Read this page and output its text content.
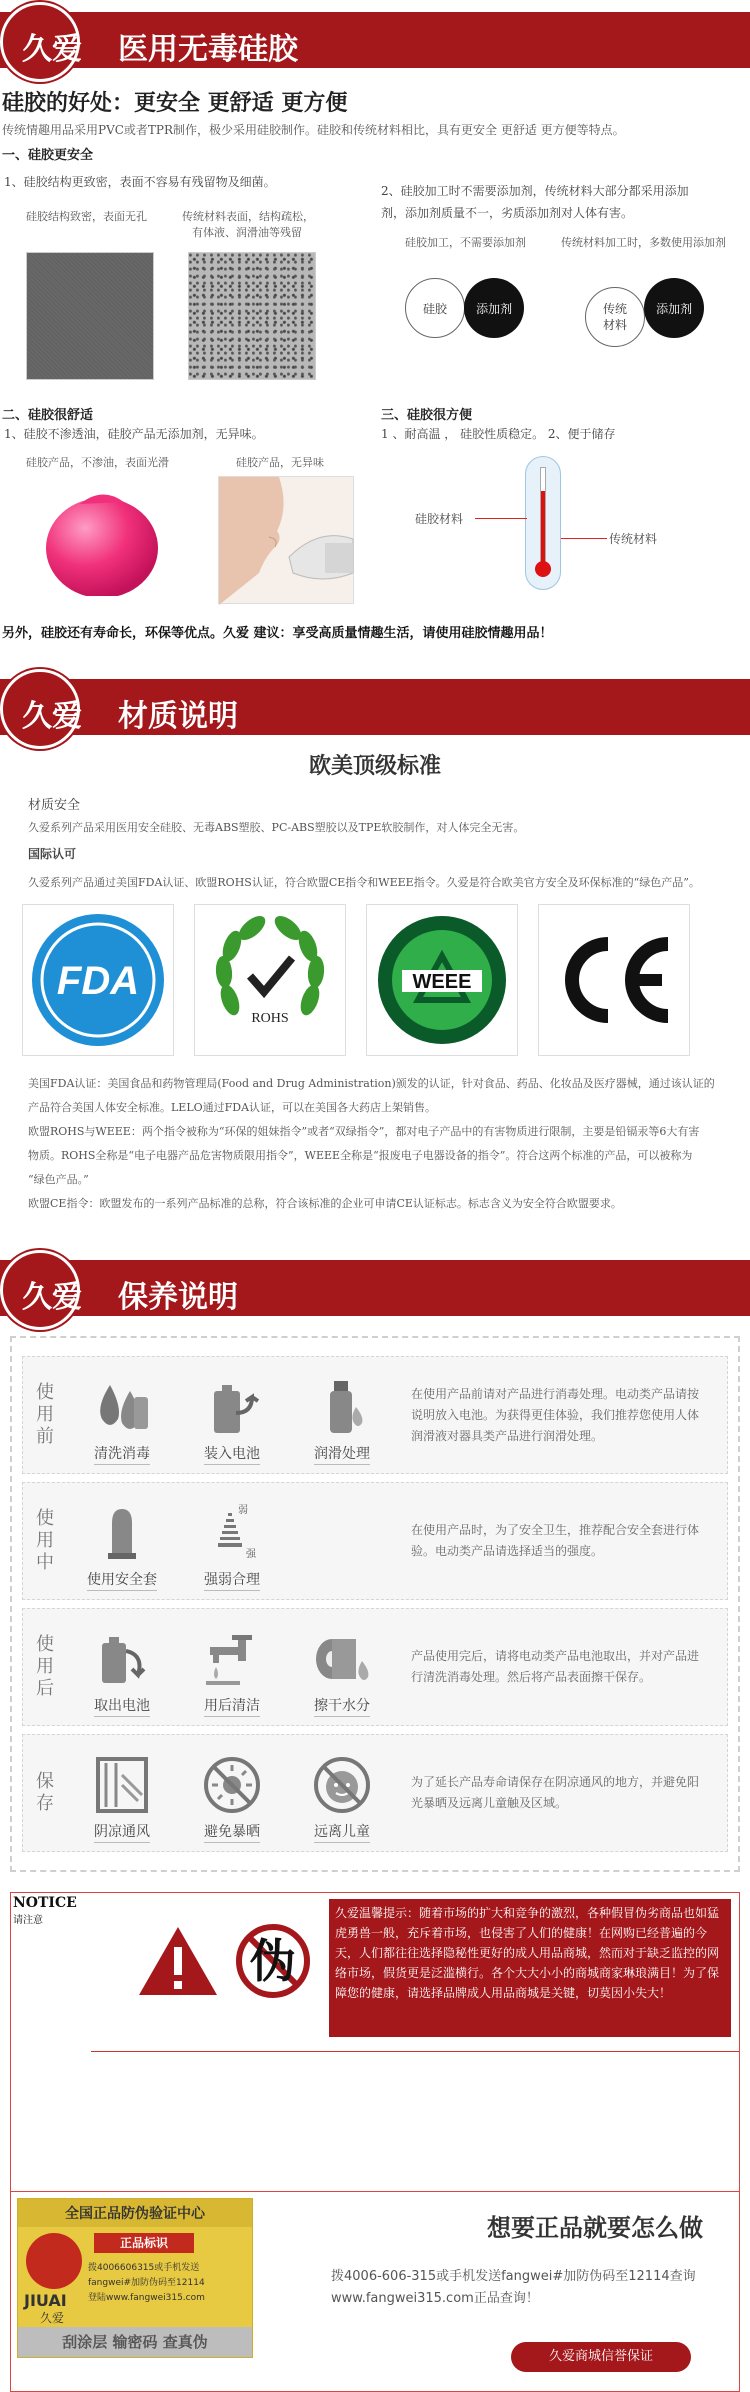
久爱 医用无毒硅胶
硅胶的好处：更安全 更舒适 更方便
传统情趣用品采用PVC或者TPR制作，极少采用硅胶制作。硅胶和传统材料相比，具有更安全 更舒适 更方便等特点。
一、硅胶更安全
1、硅胶结构更致密，表面不容易有残留物及细菌。
硅胶结构致密，表面无孔	传统材料表面，结构疏松，
有体液、润滑油等残留
2、硅胶加工时不需要添加剂，传统材料大部分都采用添加
剂，添加剂质量不一，劣质添加剂对人体有害。
硅胶加工，不需要添加剂	传统材料加工时，多数使用添加剂
硅胶 添加剂	传统
材料
添加剂
二、硅胶很舒适
1、硅胶不渗透油，硅胶产品无添加剂，无异味。
硅胶产品，不渗油，表面光滑	硅胶产品，无异味
三、硅胶很方便
1 、耐高温 ， 硅胶性质稳定。 2、便于储存
硅胶材料
传统材料
另外，硅胶还有寿命长，环保等优点。久爱 建议：享受高质量情趣生活，请使用硅胶情趣用品！
久爱 材质说明
欧美顶级标准
材质安全
久爱系列产品采用医用安全硅胶、无毒ABS塑胶、PC-ABS塑胶以及TPE软胶制作，对人体完全无害。
国际认可
久爱系列产品通过美国FDA认证、欧盟ROHS认证，符合欧盟CE指令和WEEE指令。久爱是符合欧美官方安全及环保标准的“绿色产品”。
FDA
ROHS
WEEE
CE
美国FDA认证：美国食品和药物管理局(Food and Drug Administration)颁发的认证，针对食品、药品、化妆品及医疗器械，通过该认证的
产品符合美国人体安全标准。LELO通过FDA认证，可以在美国各大药店上架销售。
欧盟ROHS与WEEE：两个指令被称为“环保的姐妹指令”或者“双绿指令”，都对电子产品中的有害物质进行限制，主要是铅镉汞等6大有害
物质。ROHS全称是“电子电器产品危害物质限用指令”，WEEE全称是“报废电子电器设备的指令”。符合这两个标准的产品，可以被称为
“绿色产品。”
欧盟CE指令：欧盟发布的一系列产品标准的总称，符合该标准的企业可申请CE认证标志。标志含义为安全符合欧盟要求。
久爱 保养说明
使
用
前
清洗消毒	装入电池	润滑处理
在使用产品前请对产品进行消毒处理。电动类产品请按说明放入电池。为获得更佳体验，我们推荐您使用人体润滑液对器具类产品进行润滑处理。
使
用
中
使用安全套
弱
强
强弱合理
在使用产品时，为了安全卫生，推荐配合安全套进行体验。电动类产品请选择适当的强度。
使
用
后
取出电池	用后清洁	擦干水分
产品使用完后，请将电动类产品电池取出，并对产品进行清洗消毒处理。然后将产品表面擦干保存。
保
存
阴凉通风	避免暴晒	远离儿童
为了延长产品寿命请保存在阴凉通风的地方，并避免阳光暴晒及远离儿童触及区域。
NOTICE
请注意
伪
久爱温馨提示：随着市场的扩大和竞争的激烈，各种假冒伪劣商品也如猛虎勇兽一般，充斥着市场，也侵害了人们的健康！在网购已经普遍的今天，人们都往往选择隐秘性更好的成人用品商城，然而对于缺乏监控的网络市场，假货更是泛滥横行。各个大大小小的商城商家琳琅满目！为了保障您的健康，请选择品牌成人用品商城是关键，切莫因小失大！
全国正品防伪验证中心
JIUAI
久爱
正品标识
拨4006606315或手机发送
fangwei#加防伪码至12114
登陆www.fangwei315.com
刮涂层 输密码 查真伪
想要正品就要怎么做
拨4006-606-315或手机发送fangwei#加防伪码至12114查询
www.fangwei315.com正品查询！
久爱商城信誉保证
